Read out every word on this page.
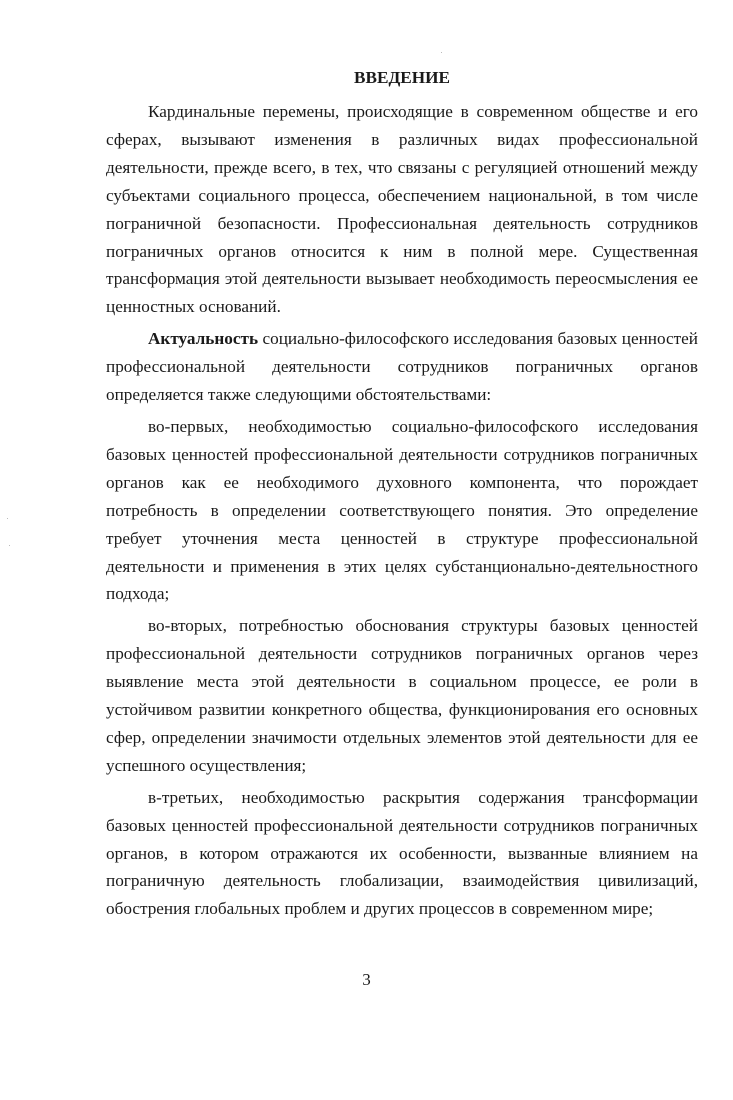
ВВЕДЕНИЕ

Кардинальные перемены, происходящие в современном обществе и его сферах, вызывают изменения в различных видах профессиональной деятельности, прежде всего, в тех, что связаны с регуляцией отношений между субъектами социального процесса, обеспечением национальной, в том числе пограничной безопасности. Профессиональная деятельность сотрудников пограничных органов относится к ним в полной мере. Существенная трансформация этой деятельности вызывает необходимость переосмысления ее ценностных оснований.

Актуальность социально-философского исследования базовых ценностей профессиональной деятельности сотрудников пограничных органов определяется также следующими обстоятельствами:

во-первых, необходимостью социально-философского исследования базовых ценностей профессиональной деятельности сотрудников пограничных органов как ее необходимого духовного компонента, что порождает потребность в определении соответствующего понятия. Это определение требует уточнения места ценностей в структуре профессиональной деятельности и применения в этих целях субстанционально-деятельностного подхода;

во-вторых, потребностью обоснования структуры базовых ценностей профессиональной деятельности сотрудников пограничных органов через выявление места этой деятельности в социальном процессе, ее роли в устойчивом развитии конкретного общества, функционирования его основных сфер, определении значимости отдельных элементов этой деятельности для ее успешного осуществления;

в-третьих, необходимостью раскрытия содержания трансформации базовых ценностей профессиональной деятельности сотрудников пограничных органов, в котором отражаются их особенности, вызванные влиянием на пограничную деятельность глобализации, взаимодействия цивилизаций, обострения глобальных проблем и других процессов в современном мире;

3
